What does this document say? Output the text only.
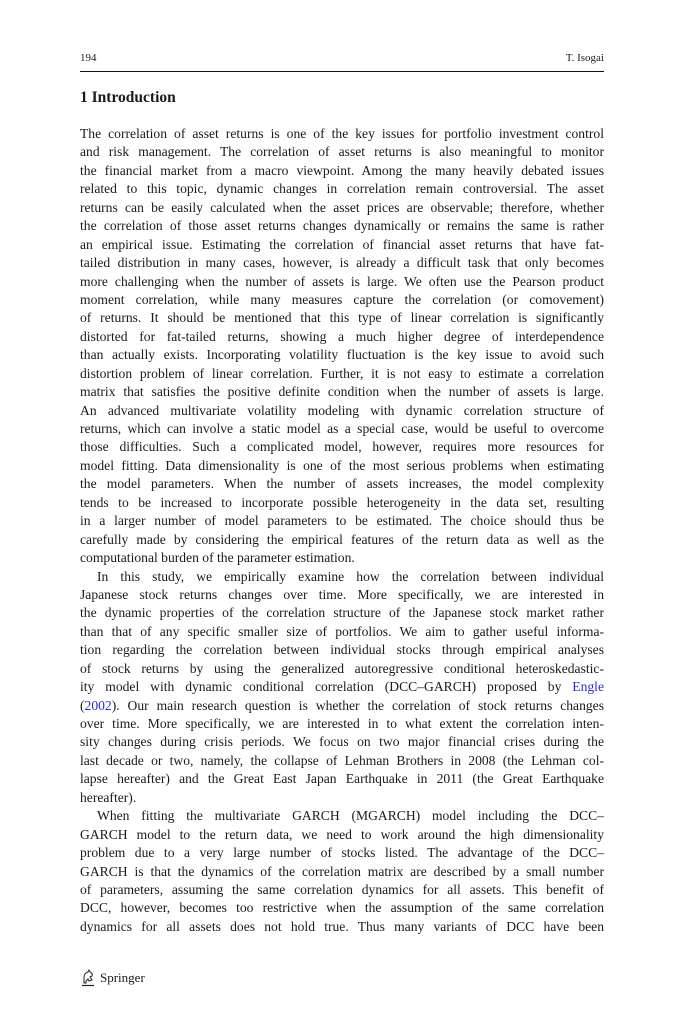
194	T. Isogai
1 Introduction
The correlation of asset returns is one of the key issues for portfolio investment control
and risk management. The correlation of asset returns is also meaningful to monitor
the financial market from a macro viewpoint. Among the many heavily debated issues
related to this topic, dynamic changes in correlation remain controversial. The asset
returns can be easily calculated when the asset prices are observable; therefore, whether
the correlation of those asset returns changes dynamically or remains the same is rather
an empirical issue. Estimating the correlation of financial asset returns that have fat-
tailed distribution in many cases, however, is already a difficult task that only becomes
more challenging when the number of assets is large. We often use the Pearson product
moment correlation, while many measures capture the correlation (or comovement)
of returns. It should be mentioned that this type of linear correlation is significantly
distorted for fat-tailed returns, showing a much higher degree of interdependence
than actually exists. Incorporating volatility fluctuation is the key issue to avoid such
distortion problem of linear correlation. Further, it is not easy to estimate a correlation
matrix that satisfies the positive definite condition when the number of assets is large.
An advanced multivariate volatility modeling with dynamic correlation structure of
returns, which can involve a static model as a special case, would be useful to overcome
those difficulties. Such a complicated model, however, requires more resources for
model fitting. Data dimensionality is one of the most serious problems when estimating
the model parameters. When the number of assets increases, the model complexity
tends to be increased to incorporate possible heterogeneity in the data set, resulting
in a larger number of model parameters to be estimated. The choice should thus be
carefully made by considering the empirical features of the return data as well as the
computational burden of the parameter estimation.
In this study, we empirically examine how the correlation between individual
Japanese stock returns changes over time. More specifically, we are interested in
the dynamic properties of the correlation structure of the Japanese stock market rather
than that of any specific smaller size of portfolios. We aim to gather useful informa-
tion regarding the correlation between individual stocks through empirical analyses
of stock returns by using the generalized autoregressive conditional heteroskedastic-
ity model with dynamic conditional correlation (DCC–GARCH) proposed by Engle
(2002). Our main research question is whether the correlation of stock returns changes
over time. More specifically, we are interested in to what extent the correlation inten-
sity changes during crisis periods. We focus on two major financial crises during the
last decade or two, namely, the collapse of Lehman Brothers in 2008 (the Lehman col-
lapse hereafter) and the Great East Japan Earthquake in 2011 (the Great Earthquake
hereafter).
When fitting the multivariate GARCH (MGARCH) model including the DCC–
GARCH model to the return data, we need to work around the high dimensionality
problem due to a very large number of stocks listed. The advantage of the DCC–
GARCH is that the dynamics of the correlation matrix are described by a small number
of parameters, assuming the same correlation dynamics for all assets. This benefit of
DCC, however, becomes too restrictive when the assumption of the same correlation
dynamics for all assets does not hold true. Thus many variants of DCC have been
Springer
